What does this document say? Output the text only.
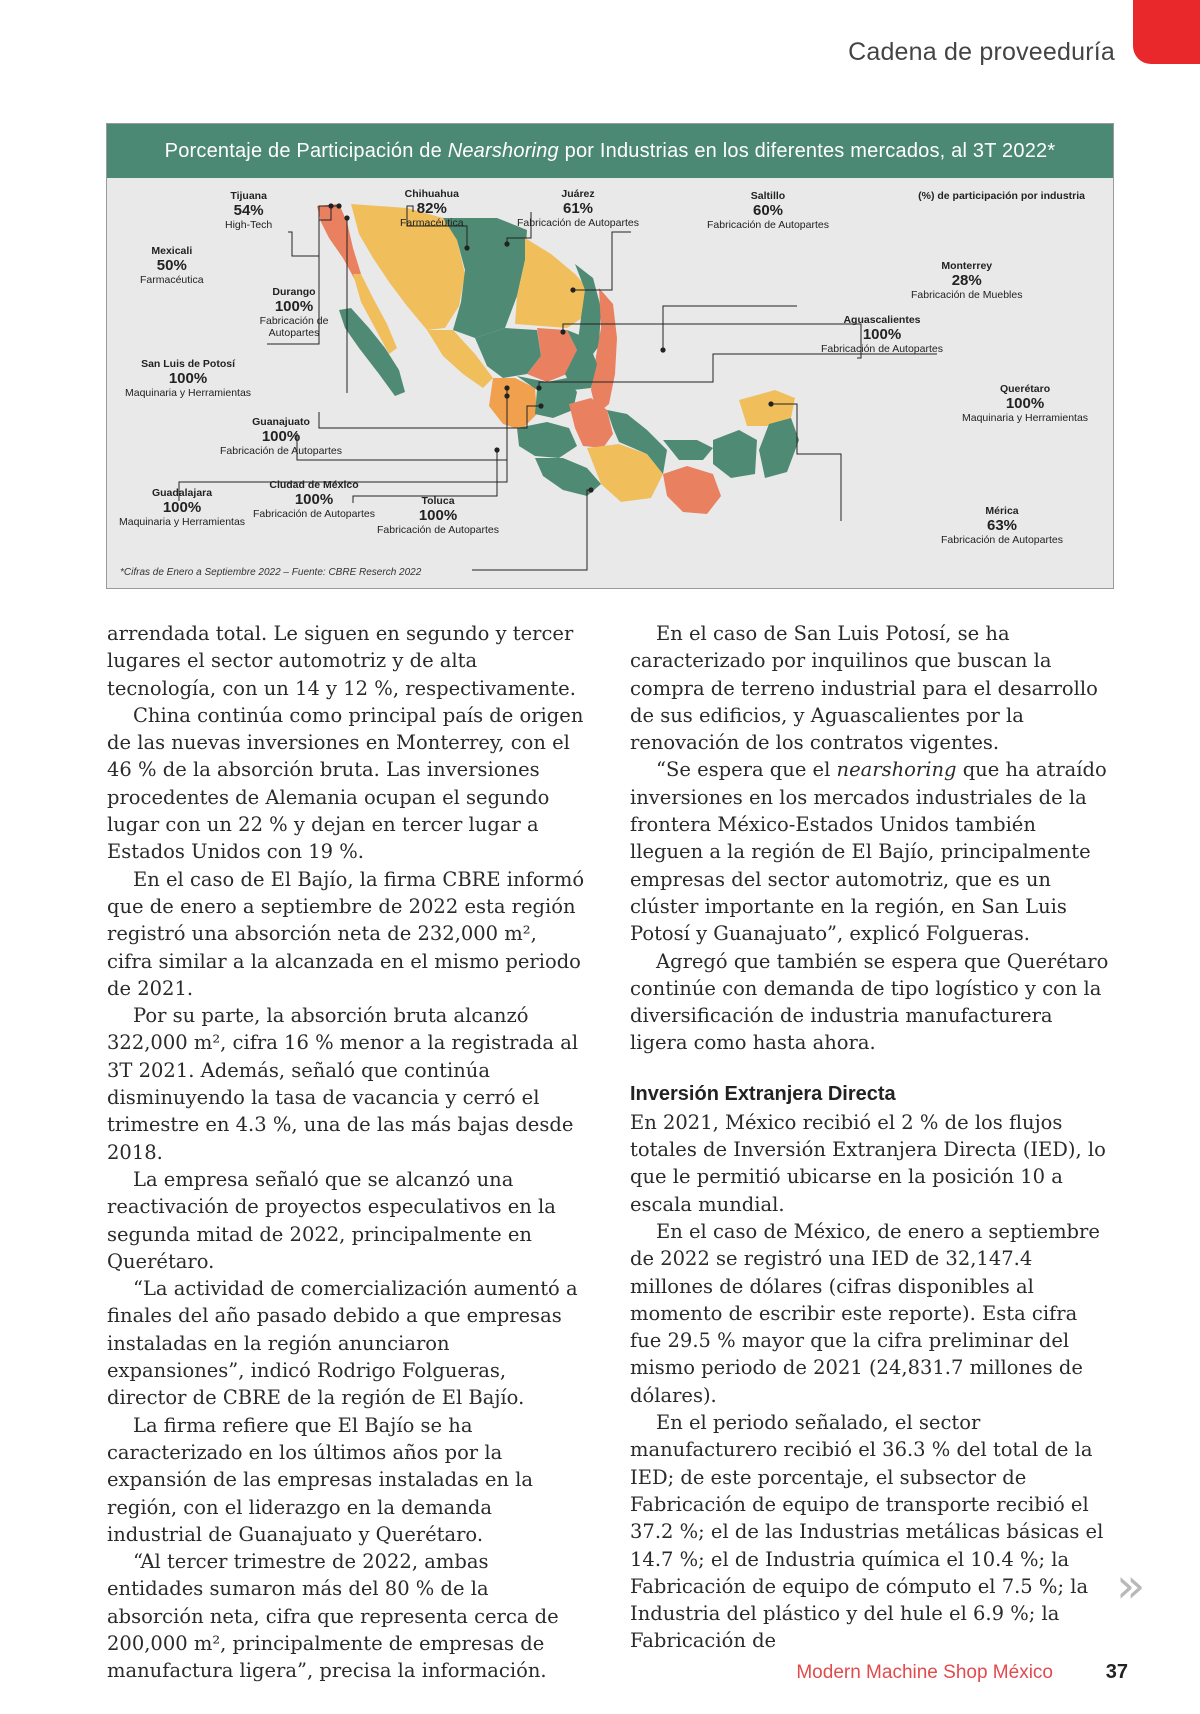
Cadena de proveeduría
Porcentaje de Participación de Nearshoring por Industrias en los diferentes mercados, al 3T 2022*
(%) de participación por industria
Tijuana
54%
High-Tech
Chihuahua
82%
Farmacéutica
Juárez
61%
Fabricación de Autopartes
Saltillo
60%
Fabricación de Autopartes
Mexicali
50%
Farmacéutica
Durango
100%
Fabricación de Autopartes
Monterrey
28%
Fabricación de Muebles
Aguascalientes
100%
Fabricación de Autopartes
San Luis de Potosí
100%
Maquinaria y Herramientas	Querétaro
100%
Maquinaria y Herramientas
Guanajuato
100%
Fabricación de Autopartes
Guadalajara
100%
Maquinaria y Herramientas
Ciudad de México
100%
Fabricación de Autopartes
Toluca
100%
Fabricación de Autopartes
Mérica
63%
Fabricación de Autopartes
*Cifras de Enero a Septiembre 2022 – Fuente: CBRE Reserch 2022

arrendada total. Le siguen en segundo y tercer lugares el sector automotriz y de alta tecnología, con un 14 y 12 %, respectivamente.

China continúa como principal país de origen de las nuevas inversiones en Monterrey, con el 46 % de la absorción bruta. Las inversiones procedentes de Alemania ocupan el segundo lugar con un 22 % y dejan en tercer lugar a Estados Unidos con 19 %.

En el caso de El Bajío, la firma CBRE informó que de enero a septiembre de 2022 esta región registró una absorción neta de 232,000 m², cifra similar a la alcanzada en el mismo periodo de 2021.

Por su parte, la absorción bruta alcanzó 322,000 m², cifra 16 % menor a la registrada al 3T 2021. Además, señaló que continúa disminuyendo la tasa de vacancia y cerró el trimestre en 4.3 %, una de las más bajas desde 2018.

La empresa señaló que se alcanzó una reactivación de proyectos especulativos en la segunda mitad de 2022, principalmente en Querétaro.

“La actividad de comercialización aumentó a finales del año pasado debido a que empresas instaladas en la región anunciaron expansiones”, indicó Rodrigo Folgueras, director de CBRE de la región de El Bajío.

La firma refiere que El Bajío se ha caracterizado en los últimos años por la expansión de las empresas instaladas en la región, con el liderazgo en la demanda industrial de Guanajuato y Querétaro.

“Al tercer trimestre de 2022, ambas entidades sumaron más del 80 % de la absorción neta, cifra que representa cerca de 200,000 m², principalmente de empresas de manufactura ligera”, precisa la información.

En el caso de San Luis Potosí, se ha caracterizado por inquilinos que buscan la compra de terreno industrial para el desarrollo de sus edificios, y Aguascalientes por la renovación de los contratos vigentes.

“Se espera que el nearshoring que ha atraído inversiones en los mercados industriales de la frontera México-Estados Unidos también lleguen a la región de El Bajío, principalmente empresas del sector automotriz, que es un clúster importante en la región, en San Luis Potosí y Guanajuato”, explicó Folgueras.

Agregó que también se espera que Querétaro continúe con demanda de tipo logístico y con la diversificación de industria manufacturera ligera como hasta ahora.

Inversión Extranjera Directa

En 2021, México recibió el 2 % de los flujos totales de Inversión Extranjera Directa (IED), lo que le permitió ubicarse en la posición 10 a escala mundial.

En el caso de México, de enero a septiembre de 2022 se registró una IED de 32,147.4 millones de dólares (cifras disponibles al momento de escribir este reporte). Esta cifra fue 29.5 % mayor que la cifra preliminar del mismo periodo de 2021 (24,831.7 millones de dólares).

En el periodo señalado, el sector manufacturero recibió el 36.3 % del total de la IED; de este porcentaje, el subsector de Fabricación de equipo de transporte recibió el 37.2 %; el de las Industrias metálicas básicas el 14.7 %; el de Industria química el 10.4 %; la Fabricación de equipo de cómputo el 7.5 %; la Industria del plástico y del hule el 6.9 %; la Fabricación de

»
Modern Machine Shop México	37
